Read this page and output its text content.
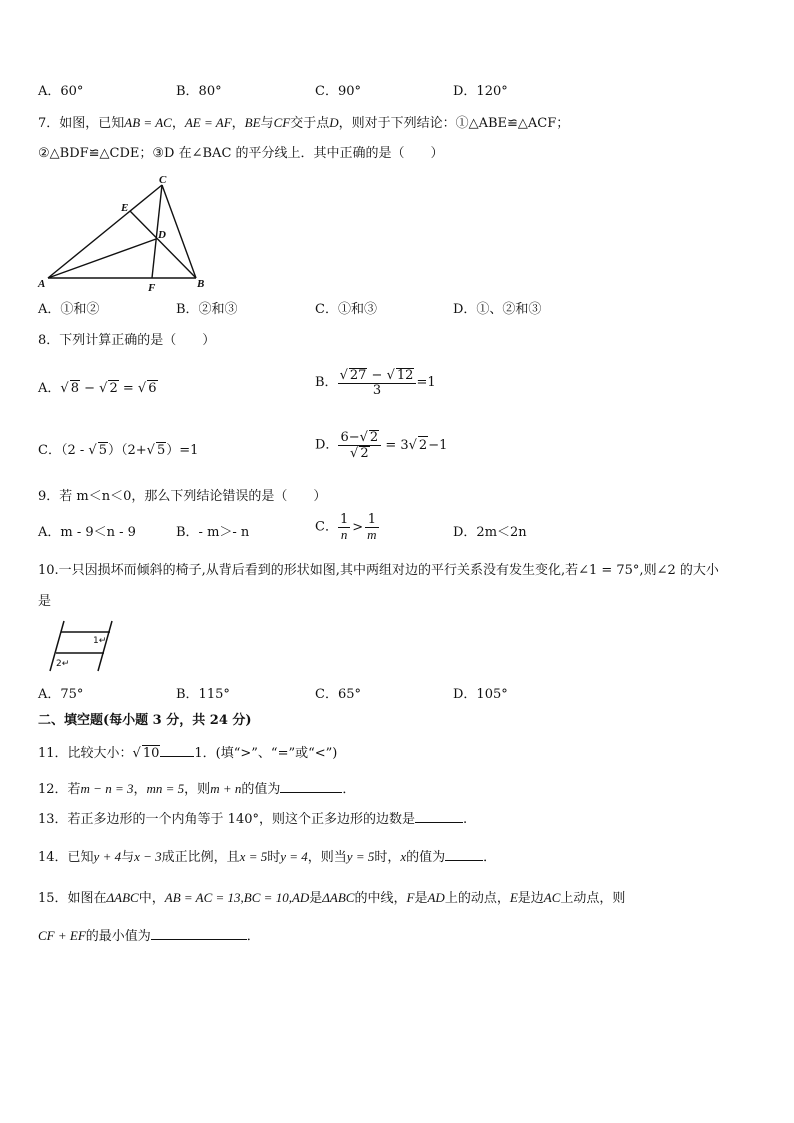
A．60°	B．80°	C．90°	D．120°
7．如图，已知AB = AC，AE = AF，BE与CF交于点D，则对于下列结论：①△ABE≌△ACF；
②△BDF≌△CDE；③D 在∠BAC 的平分线上．其中正确的是（　　）
A	B
C
D
E
F
A．①和②	B．②和③	C．①和③	D．①、②和③
8．下列计算正确的是（　　）
A．√ 8 − √ 2 = √ 6	B． $\frac{√ 27 - √ 12}{3} =1$
C．（2 - √ 5）（2+√ 5）=1	D． $\frac{6-√ 2}{√ 2} = 3√$ 2−1
9．若 m＜n＜0，那么下列结论错误的是（　　）
A．m - 9＜n - 9	B．- m＞- n	C． $\frac{1}{n} > \frac{1}{m}$	D．2m＜2n
10.一只因损坏而倾斜的椅子,从背后看到的形状如图,其中两组对边的平行关系没有发生变化,若∠1 = 75°,则∠2 的大小
是
1↵
2↵
A．75°	B．115°	C．65°	D．105°
二、填空题(每小题 3 分，共 24 分)
11．比较大小：√ 10	1．(填“>”、“=”或“<”)
12．若m − n = 3，mn = 5，则m + n的值为	．
13．若正多边形的一个内角等于 140°，则这个正多边形的边数是	.
14．已知y + 4与x − 3成正比例，且x = 5时y = 4，则当y = 5时，x的值为	．
15．如图在ΔABC中，AB = AC = 13,BC = 10,AD是ΔABC的中线，F是AD上的动点，E是边AC上动点，则
CF + EF的最小值为	．
